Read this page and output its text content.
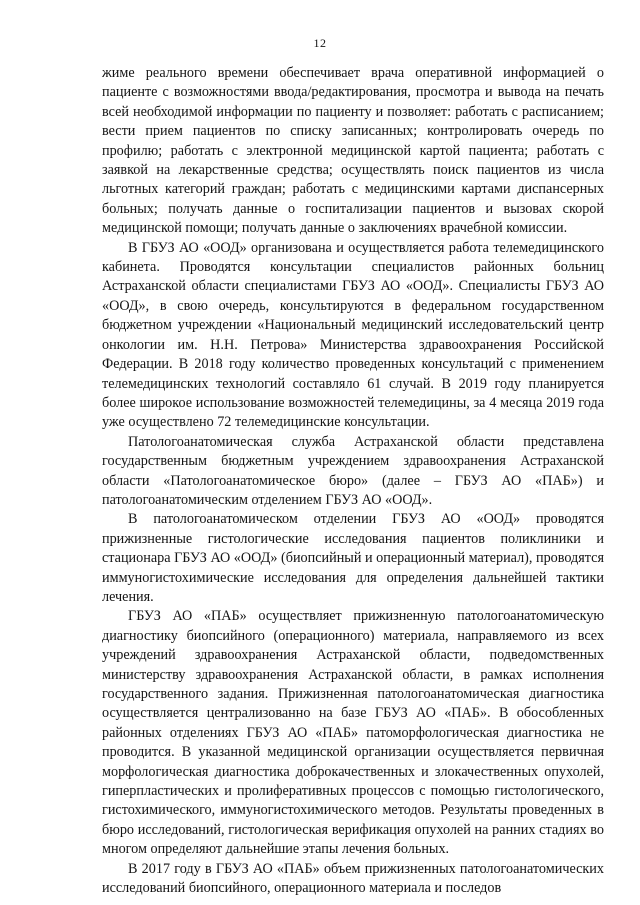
12

жиме реального времени обеспечивает врача оперативной информацией о пациенте с возможностями ввода/редактирования, просмотра и вывода на печать всей необходимой информации по пациенту и позволяет: работать с расписанием; вести прием пациентов по списку записанных; контролировать очередь по профилю; работать с электронной медицинской картой пациента; работать с заявкой на лекарственные средства; осуществлять поиск пациентов из числа льготных категорий граждан; работать с медицинскими картами диспансерных больных; получать данные о госпитализации пациентов и вызовах скорой медицинской помощи; получать данные о заключениях врачебной комиссии.

В ГБУЗ АО «ООД» организована и осуществляется работа телемедицинского кабинета. Проводятся консультации специалистов районных больниц Астраханской области специалистами ГБУЗ АО «ООД». Специалисты ГБУЗ АО «ООД», в свою очередь, консультируются в федеральном государственном бюджетном учреждении «Национальный медицинский исследовательский центр онкологии им. Н.Н. Петрова» Министерства здравоохранения Российской Федерации. В 2018 году количество проведенных консультаций с применением телемедицинских технологий составляло 61 случай. В 2019 году планируется более широкое использование возможностей телемедицины, за 4 месяца 2019 года уже осуществлено 72 телемедицинские консультации.

Патологоанатомическая служба Астраханской области представлена государственным бюджетным учреждением здравоохранения Астраханской области «Патологоанатомическое бюро» (далее – ГБУЗ АО «ПАБ») и патологоанатомическим отделением ГБУЗ АО «ООД».

В патологоанатомическом отделении ГБУЗ АО «ООД» проводятся прижизненные гистологические исследования пациентов поликлиники и стационара ГБУЗ АО «ООД» (биопсийный и операционный материал), проводятся иммуногистохимические исследования для определения дальнейшей тактики лечения.

ГБУЗ АО «ПАБ» осуществляет прижизненную патологоанатомическую диагностику биопсийного (операционного) материала, направляемого из всех учреждений здравоохранения Астраханской области, подведомственных министерству здравоохранения Астраханской области, в рамках исполнения государственного задания. Прижизненная патологоанатомическая диагностика осуществляется централизованно на базе ГБУЗ АО «ПАБ». В обособленных районных отделениях ГБУЗ АО «ПАБ» патоморфологическая диагностика не проводится. В указанной медицинской организации осуществляется первичная морфологическая диагностика доброкачественных и злокачественных опухолей, гиперпластических и пролиферативных процессов с помощью гистологического, гистохимического, иммуногистохимического методов. Результаты проведенных в бюро исследований, гистологическая верификация опухолей на ранних стадиях во многом определяют дальнейшие этапы лечения больных.

В 2017 году в ГБУЗ АО «ПАБ» объем прижизненных патологоанатомических исследований биопсийного, операционного материала и последов
